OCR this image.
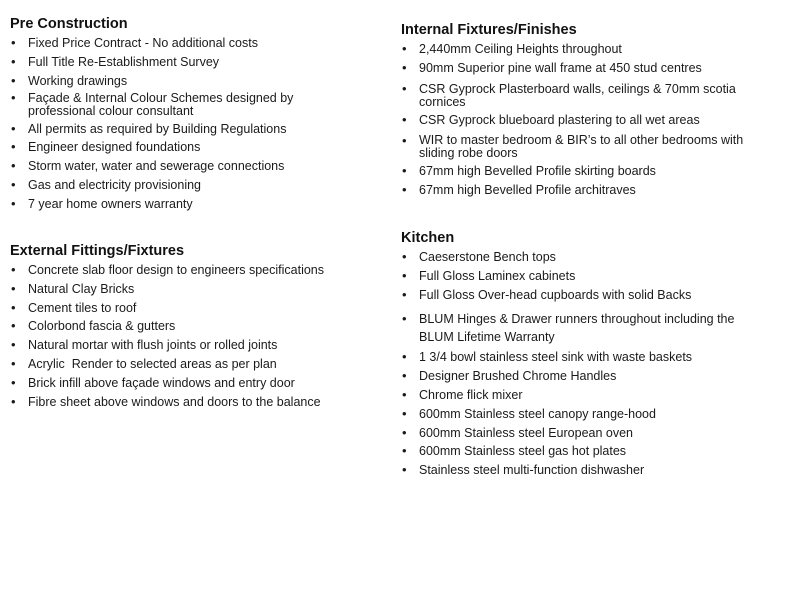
Pre Construction
• Fixed Price Contract - No additional costs
• Full Title Re-Establishment Survey
• Working drawings
• Façade & Internal Colour Schemes designed by professional colour consultant
• All permits as required by Building Regulations
• Engineer designed foundations
• Storm water, water and sewerage connections
• Gas and electricity provisioning
• 7 year home owners warranty
External Fittings/Fixtures
• Concrete slab floor design to engineers specifications
• Natural Clay Bricks
• Cement tiles to roof
• Colorbond fascia & gutters
• Natural mortar with flush joints or rolled joints
• Acrylic  Render to selected areas as per plan
• Brick infill above façade windows and entry door
• Fibre sheet above windows and doors to the balance
Internal Fixtures/Finishes
• 2,440mm Ceiling Heights throughout
• 90mm Superior pine wall frame at 450 stud centres
• CSR Gyprock Plasterboard walls, ceilings & 70mm scotia cornices
• CSR Gyprock blueboard plastering to all wet areas
• WIR to master bedroom & BIR’s to all other bedrooms with sliding robe doors
• 67mm high Bevelled Profile skirting boards
• 67mm high Bevelled Profile architraves
Kitchen
• Caeserstone Bench tops
• Full Gloss Laminex cabinets
• Full Gloss Over-head cupboards with solid Backs
• BLUM Hinges & Drawer runners throughout including the BLUM Lifetime Warranty
• 1 3/4 bowl stainless steel sink with waste baskets
• Designer Brushed Chrome Handles
• Chrome flick mixer
• 600mm Stainless steel canopy range-hood
• 600mm Stainless steel European oven
• 600mm Stainless steel gas hot plates
• Stainless steel multi-function dishwasher
